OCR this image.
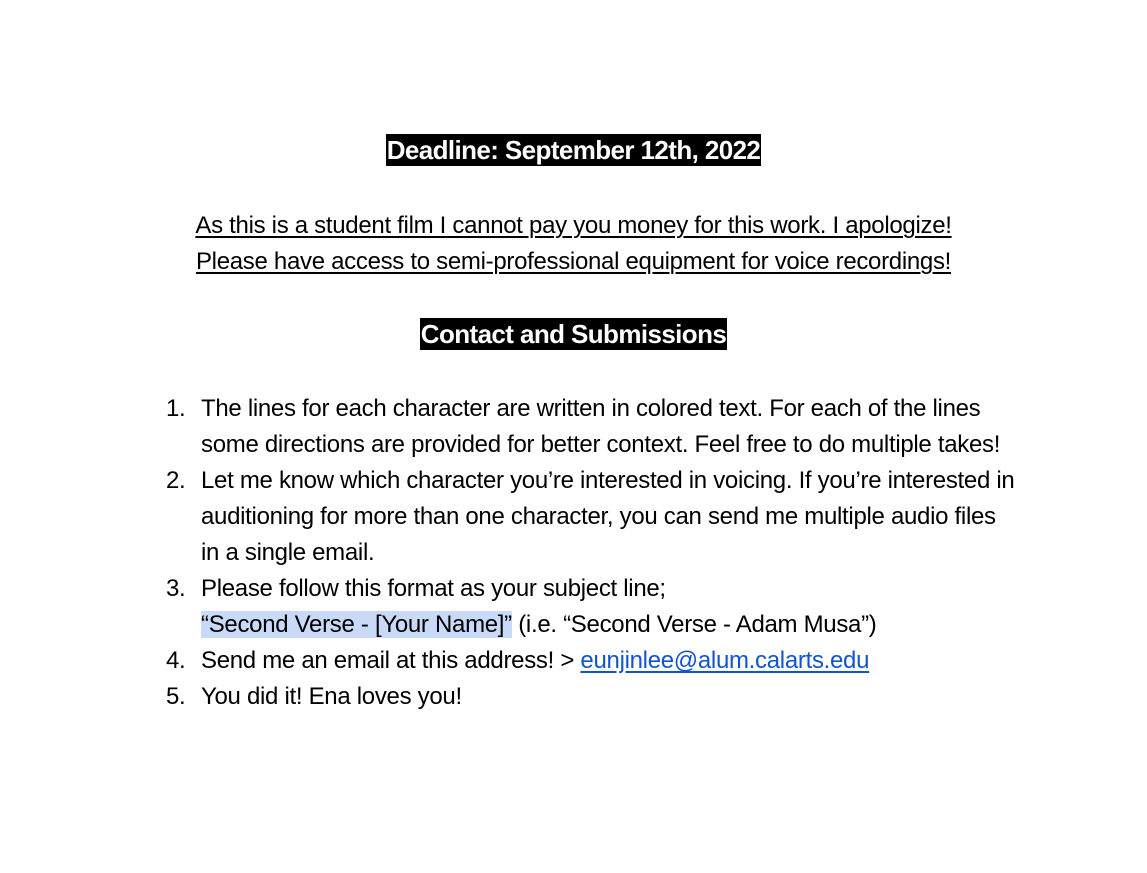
Deadline: September 12th, 2022
As this is a student film I cannot pay you money for this work. I apologize!
Please have access to semi-professional equipment for voice recordings!
Contact and Submissions
1. The lines for each character are written in colored text. For each of the lines some directions are provided for better context. Feel free to do multiple takes!
2. Let me know which character you’re interested in voicing. If you’re interested in auditioning for more than one character, you can send me multiple audio files in a single email.
3. Please follow this format as your subject line;
“Second Verse - [Your Name]” (i.e. “Second Verse - Adam Musa”)
4. Send me an email at this address! > eunjinlee@alum.calarts.edu
5. You did it! Ena loves you!
